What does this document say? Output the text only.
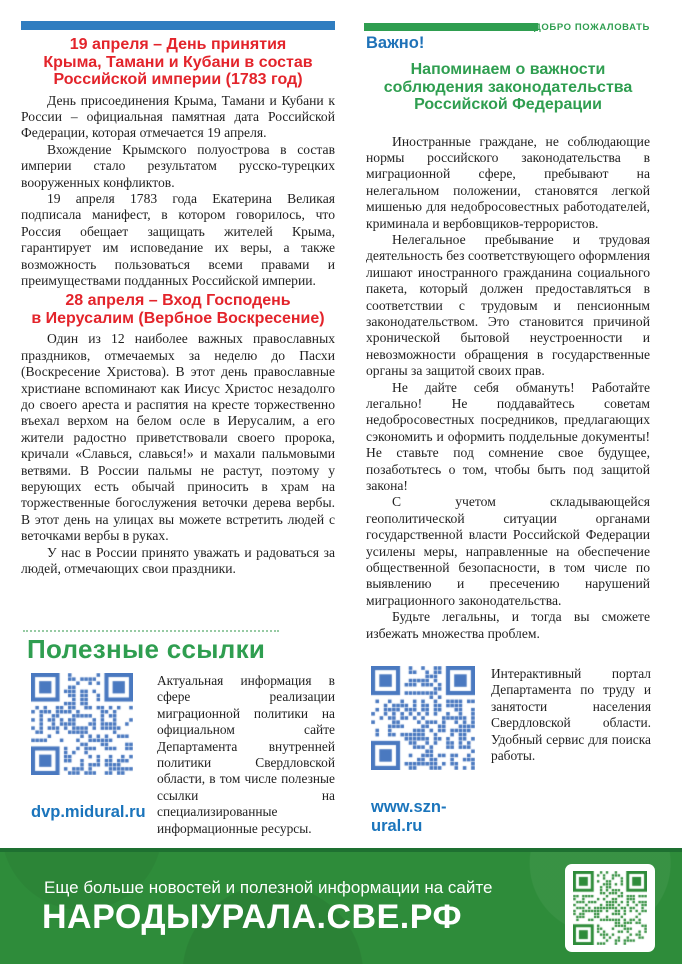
ДОБРО ПОЖАЛОВАТЬ
19 апреля – День принятия
Крыма, Тамани и Кубани в состав
Российской империи (1783 год)

День присоединения Крыма, Тамани и Кубани к России – официальная памятная дата Российской Федерации, которая отмечается 19 апреля.

Вхождение Крымского полуострова в состав империи стало результатом русско-турецких вооруженных конфликтов.

19 апреля 1783 года Екатерина Великая подписала манифест, в котором говорилось, что Россия обещает защищать жителей Крыма, гарантирует им исповедание их веры, а также возможность пользоваться всеми правами и преимуществами подданных Российской империи.

28 апреля – Вход Господень
в Иерусалим (Вербное Воскресение)

Один из 12 наиболее важных православных праздников, отмечаемых за неделю до Пасхи (Воскресение Христова). В этот день православные христиане вспоминают как Иисус Христос незадолго до своего ареста и распятия на кресте торжественно въехал верхом на белом осле в Иерусалим, а его жители радостно приветствовали своего пророка, кричали «Славься, славься!» и махали пальмовыми ветвями. В России пальмы не растут, поэтому у верующих есть обычай приносить в храм на торжественные богослужения веточки дерева вербы. В этот день на улицах вы можете встретить людей с веточками вербы в руках.

У нас в России принято уважать и радоваться за людей, отмечающих свои праздники.

Важно!
Напоминаем о важности
соблюдения законодательства
Российской Федерации

Иностранные граждане, не соблюдающие нормы российского законодательства в миграционной сфере, пребывают на нелегальном положении, становятся легкой мишенью для недобросовестных работодателей, криминала и вербовщиков-террористов.

Нелегальное пребывание и трудовая деятельность без соответствующего оформления лишают иностранного гражданина социального пакета, который должен предоставляться в соответствии с трудовым и пенсионным законодательством. Это становится причиной хронической бытовой неустроенности и невозможности обращения в государственные органы за защитой своих прав.

Не дайте себя обмануть! Работайте легально! Не поддавайтесь советам недобросовестных посредников, предлагающих сэкономить и оформить поддельные документы! Не ставьте под сомнение свое будущее, позаботьтесь о том, чтобы быть под защитой закона!

С учетом складывающейся геополитической ситуации органами государственной власти Российской Федерации усилены меры, направленные на обеспечение общественной безопасности, в том числе по выявлению и пресечению нарушений миграционного законодательства.

Будьте легальны, и тогда вы сможете избежать множества проблем.

Полезные ссылки
dvp.midural.ru

Актуальная информация в сфере реализации миграционной политики на официальном сайте Департамента внутренней политики Свердловской области, в том числе полезные ссылки на специализированные информационные ресурсы.

www.szn-ural.ru

Интерактивный портал Департамента по труду и занятости населения Свердловской области. Удобный сервис для поиска работы.

Еще больше новостей и полезной информации на сайте
НАРОДЫУРАЛА.СВЕ.РФ
